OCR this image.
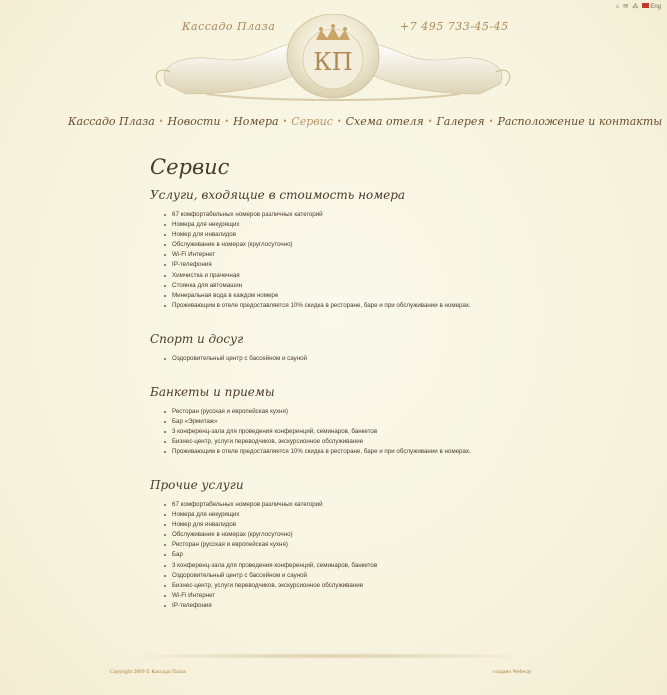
⌂ ✉ ⁂	Eng
КП
Кассадо Плаза	+7 495 733-45-45
Кассадо Плаза • Новости • Номера • Сервис • Схема отеля • Галерея • Расположение и контакты
Сервис
Услуги, входящие в стоимость номера
67 комфортабельных номеров различных категорий
Номера для некурящих
Номер для инвалидов
Обслуживание в номерах (круглосуточно)
Wi-Fi Интернет
IP-телефония
Химчистка и прачечная
Стоянка для автомашин
Минеральная вода в каждом номере
Проживающим в отеле предоставляется 10% скидка в ресторане, баре и при обслуживании в номерах.
Спорт и досуг
Оздоровительный центр с бассейном и сауной
Банкеты и приемы
Ресторан (русская и европейская кухня)
Бар «Эрмитаж»
3 конференц-зала для проведения конференций, семинаров, банкетов
Бизнес-центр, услуги переводчиков, экскурсионное обслуживание
Проживающим в отеле предоставляется 10% скидка в ресторане, баре и при обслуживании в номерах.
Прочие услуги
67 комфортабельных номеров различных категорий
Номера для некурящих
Номер для инвалидов
Обслуживание в номерах (круглосуточно)
Ресторан (русская и европейская кухня)
Бар
3 конференц-зала для проведения конференций, семинаров, банкетов
Оздоровительный центр с бассейном и сауной
Бизнес-центр, услуги переводчиков, экскурсионное обслуживание
Wi-Fi Интернет
IP-телефония
Copyright 2009 © Кассадо Плаза	создано Webway
